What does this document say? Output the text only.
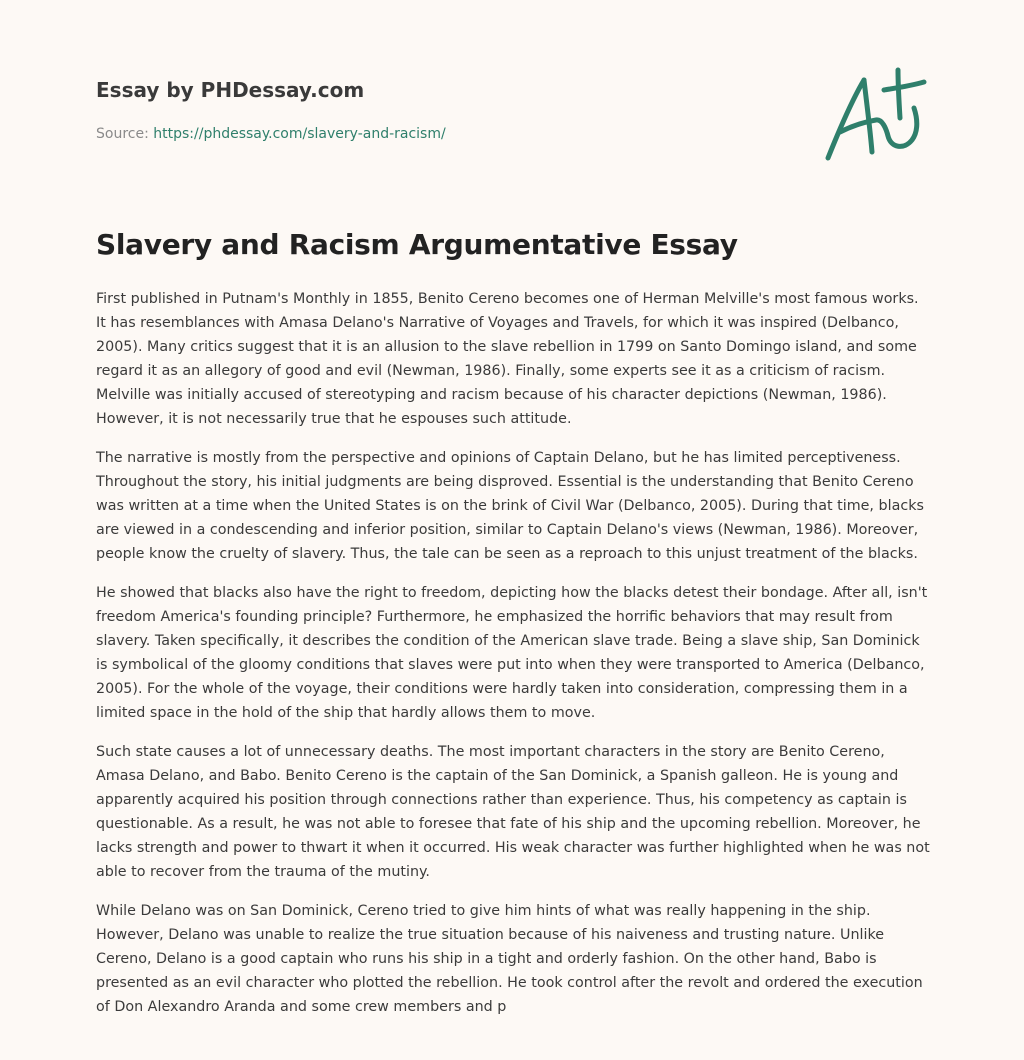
Essay by PHDessay.com
Source: https://phdessay.com/slavery-and-racism/
Slavery and Racism Argumentative Essay

First published in Putnam's Monthly in 1855, Benito Cereno becomes one of Herman Melville's most famous works. It has resemblances with Amasa Delano's Narrative of Voyages and Travels, for which it was inspired (Delbanco, 2005). Many critics suggest that it is an allusion to the slave rebellion in 1799 on Santo Domingo island, and some regard it as an allegory of good and evil (Newman, 1986). Finally, some experts see it as a criticism of racism. Melville was initially accused of stereotyping and racism because of his character depictions (Newman, 1986). However, it is not necessarily true that he espouses such attitude.

The narrative is mostly from the perspective and opinions of Captain Delano, but he has limited perceptiveness. Throughout the story, his initial judgments are being disproved. Essential is the understanding that Benito Cereno was written at a time when the United States is on the brink of Civil War (Delbanco, 2005). During that time, blacks are viewed in a condescending and inferior position, similar to Captain Delano's views (Newman, 1986). Moreover, people know the cruelty of slavery. Thus, the tale can be seen as a reproach to this unjust treatment of the blacks.

He showed that blacks also have the right to freedom, depicting how the blacks detest their bondage. After all, isn't freedom America's founding principle? Furthermore, he emphasized the horrific behaviors that may result from slavery. Taken specifically, it describes the condition of the American slave trade. Being a slave ship, San Dominick is symbolical of the gloomy conditions that slaves were put into when they were transported to America (Delbanco, 2005). For the whole of the voyage, their conditions were hardly taken into consideration, compressing them in a limited space in the hold of the ship that hardly allows them to move.

Such state causes a lot of unnecessary deaths. The most important characters in the story are Benito Cereno, Amasa Delano, and Babo. Benito Cereno is the captain of the San Dominick, a Spanish galleon. He is young and apparently acquired his position through connections rather than experience. Thus, his competency as captain is questionable. As a result, he was not able to foresee that fate of his ship and the upcoming rebellion. Moreover, he lacks strength and power to thwart it when it occurred. His weak character was further highlighted when he was not able to recover from the trauma of the mutiny.

While Delano was on San Dominick, Cereno tried to give him hints of what was really happening in the ship. However, Delano was unable to realize the true situation because of his naiveness and trusting nature. Unlike Cereno, Delano is a good captain who runs his ship in a tight and orderly fashion. On the other hand, Babo is presented as an evil character who plotted the rebellion. He took control after the revolt and ordered the execution of Don Alexandro Aranda and some crew members and p
